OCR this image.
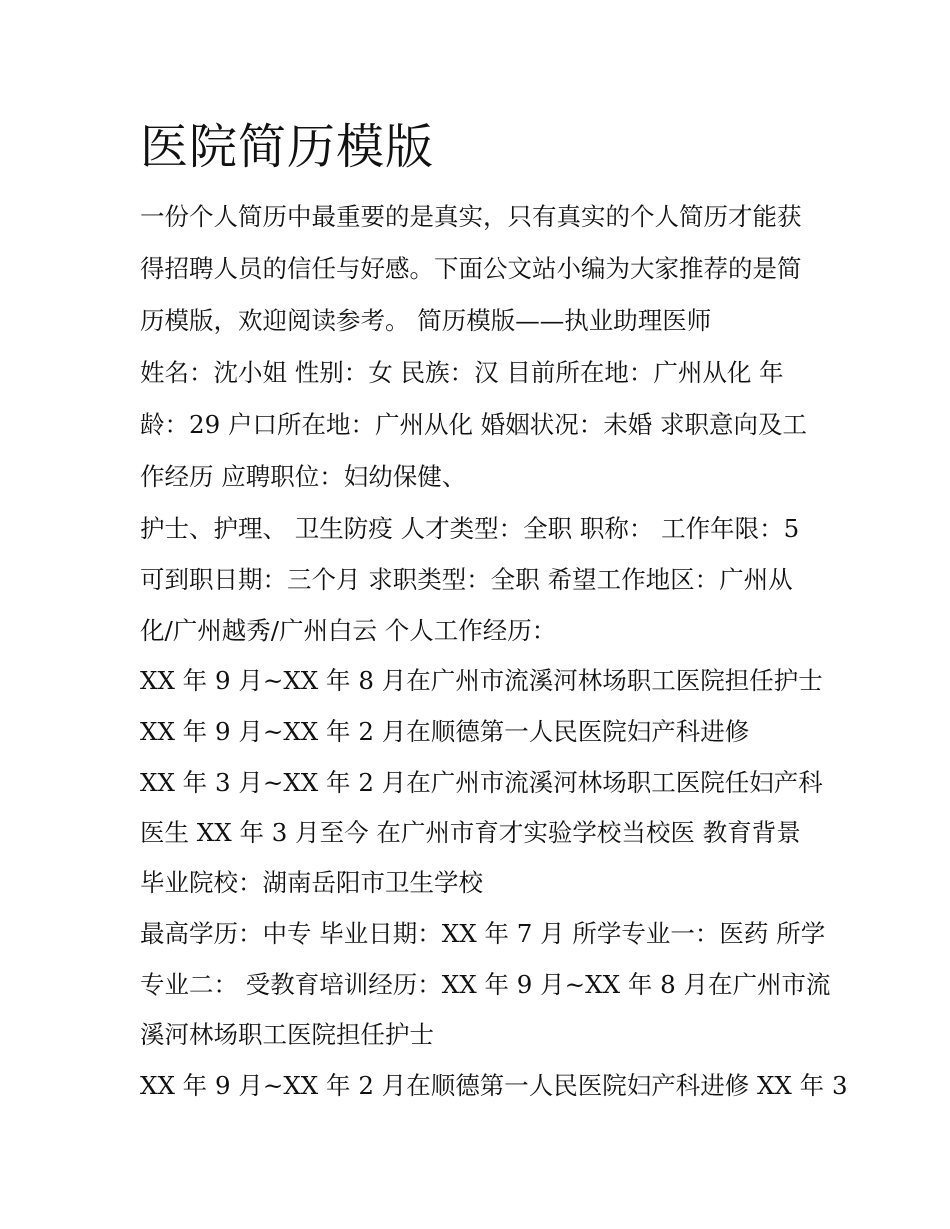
医院简历模版

一份个人简历中最重要的是真实，只有真实的个人简历才能获

得招聘人员的信任与好感。下面公文站小编为大家推荐的是简

历模版，欢迎阅读参考。 简历模版——执业助理医师

姓名：沈小姐 性别：女 民族：汉 目前所在地：广州从化 年

龄：29 户口所在地：广州从化 婚姻状况：未婚 求职意向及工

作经历 应聘职位：妇幼保健、

护士、护理、 卫生防疫 人才类型：全职 职称： 工作年限：5

可到职日期：三个月 求职类型：全职 希望工作地区：广州从

化/广州越秀/广州白云 个人工作经历：

XX 年 9 月~XX 年 8 月在广州市流溪河林场职工医院担任护士

XX 年 9 月~XX 年 2 月在顺德第一人民医院妇产科进修

XX 年 3 月~XX 年 2 月在广州市流溪河林场职工医院任妇产科

医生 XX 年 3 月至今 在广州市育才实验学校当校医 教育背景

毕业院校：湖南岳阳市卫生学校

最高学历：中专 毕业日期：XX 年 7 月 所学专业一：医药 所学

专业二： 受教育培训经历：XX 年 9 月~XX 年 8 月在广州市流

溪河林场职工医院担任护士

XX 年 9 月~XX 年 2 月在顺德第一人民医院妇产科进修 XX 年 3
